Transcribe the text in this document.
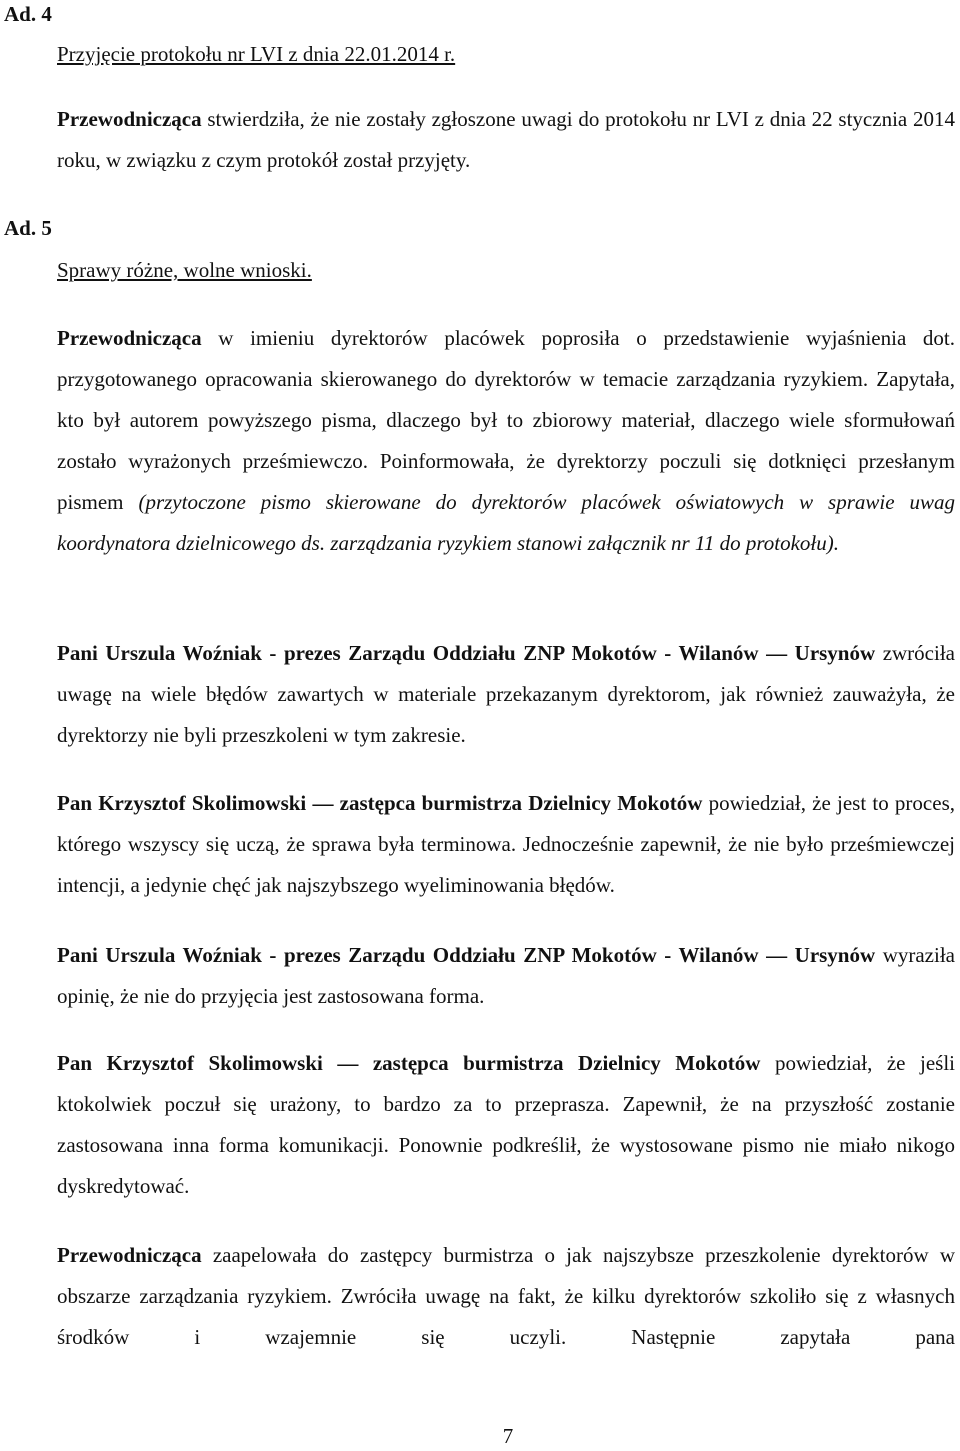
Ad. 4
Przyjęcie protokołu nr LVI z dnia 22.01.2014 r.

Przewodnicząca stwierdziła, że nie zostały zgłoszone uwagi do protokołu nr LVI z dnia 22 stycznia 2014 roku, w związku z czym protokół został przyjęty.

Ad. 5
Sprawy różne, wolne wnioski.

Przewodnicząca w imieniu dyrektorów placówek poprosiła o przedstawienie wyjaśnienia dot. przygotowanego opracowania skierowanego do dyrektorów w temacie zarządzania ryzykiem. Zapytała, kto był autorem powyższego pisma, dlaczego był to zbiorowy materiał, dlaczego wiele sformułowań zostało wyrażonych prześmiewczo. Poinformowała, że dyrektorzy poczuli się dotknięci przesłanym pismem (przytoczone pismo skierowane do dyrektorów placówek oświatowych w sprawie uwag koordynatora dzielnicowego ds. zarządzania ryzykiem stanowi załącznik nr 11 do protokołu).

Pani Urszula Woźniak - prezes Zarządu Oddziału ZNP Mokotów - Wilanów — Ursynów zwróciła uwagę na wiele błędów zawartych w materiale przekazanym dyrektorom, jak również zauważyła, że dyrektorzy nie byli przeszkoleni w tym zakresie.

Pan Krzysztof Skolimowski — zastępca burmistrza Dzielnicy Mokotów powiedział, że jest to proces, którego wszyscy się uczą, że sprawa była terminowa. Jednocześnie zapewnił, że nie było prześmiewczej intencji, a jedynie chęć jak najszybszego wyeliminowania błędów.

Pani Urszula Woźniak - prezes Zarządu Oddziału ZNP Mokotów - Wilanów — Ursynów wyraziła opinię, że nie do przyjęcia jest zastosowana forma.

Pan Krzysztof Skolimowski — zastępca burmistrza Dzielnicy Mokotów powiedział, że jeśli ktokolwiek poczuł się urażony, to bardzo za to przeprasza. Zapewnił, że na przyszłość zostanie zastosowana inna forma komunikacji. Ponownie podkreślił, że wystosowane pismo nie miało nikogo dyskredytować.

Przewodnicząca zaapelowała do zastępcy burmistrza o jak najszybsze przeszkolenie dyrektorów w obszarze zarządzania ryzykiem. Zwróciła uwagę na fakt, że kilku dyrektorów szkoliło się z własnych środków i wzajemnie się uczyli. Następnie zapytała pana

7
